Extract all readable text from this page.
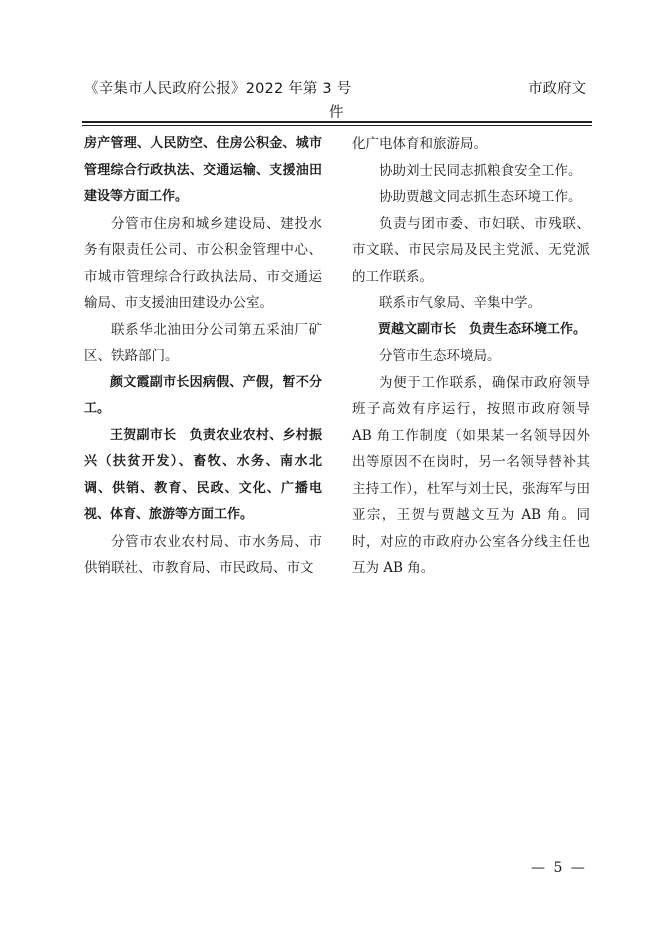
《辛集市人民政府公报》2022 年第 3 号	市政府文
件

房产管理、人民防空、住房公积金、城市管理综合行政执法、交通运输、支援油田建设等方面工作。

分管市住房和城乡建设局、建投水务有限责任公司、市公积金管理中心、市城市管理综合行政执法局、市交通运输局、市支援油田建设办公室。

联系华北油田分公司第五采油厂矿区、铁路部门。

颜文霞副市长因病假、产假，暂不分工。

王贺副市长　负责农业农村、乡村振兴（扶贫开发）、畜牧、水务、南水北调、供销、教育、民政、文化、广播电视、体育、旅游等方面工作。

分管市农业农村局、市水务局、市供销联社、市教育局、市民政局、市文

化广电体育和旅游局。

协助刘士民同志抓粮食安全工作。

协助贾越文同志抓生态环境工作。

负责与团市委、市妇联、市残联、市文联、市民宗局及民主党派、无党派的工作联系。

联系市气象局、辛集中学。

贾越文副市长　负责生态环境工作。

分管市生态环境局。

为便于工作联系，确保市政府领导班子高效有序运行，按照市政府领导 AB 角工作制度（如果某一名领导因外出等原因不在岗时，另一名领导替补其主持工作），杜军与刘士民，张海军与田亚宗，王贺与贾越文互为 AB 角。同时，对应的市政府办公室各分线主任也互为 AB 角。

— 5 —
